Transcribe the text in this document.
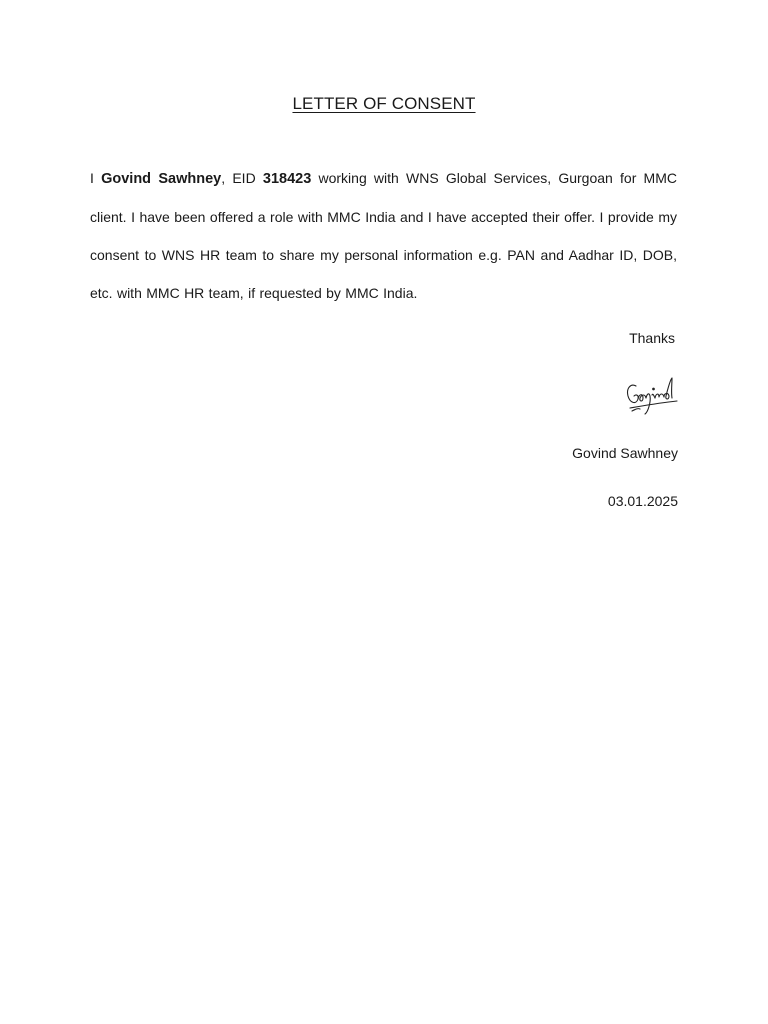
LETTER OF CONSENT
I Govind Sawhney, EID 318423 working with WNS Global Services, Gurgoan for MMC client. I have been offered a role with MMC India and I have accepted their offer. I provide my consent to WNS HR team to share my personal information e.g. PAN and Aadhar ID, DOB, etc. with MMC HR team, if requested by MMC India.
Thanks
Govind Sawhney
03.01.2025
